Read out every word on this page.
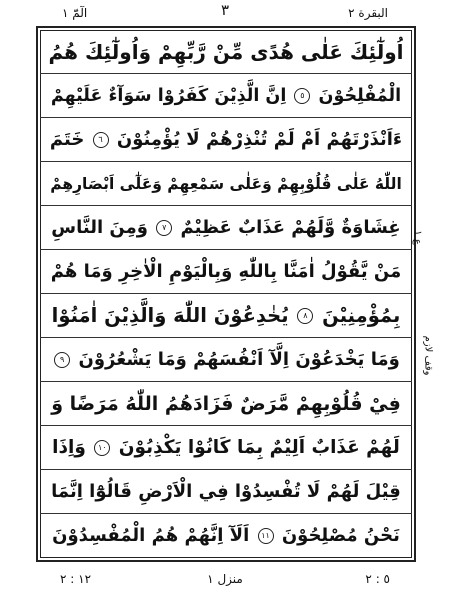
الٓمّٓ ١	٣	البقرة ٢
اُولٰٓئِكَ عَلٰى هُدًى مِّنْ رَّبِّهِمْ وَاُولٰٓئِكَ هُمُ
الْمُفْلِحُوْنَ ٥ اِنَّ الَّذِيْنَ كَفَرُوْا سَوَآءٌ عَلَيْهِمْ
ءَاَنْذَرْتَهُمْ اَمْ لَمْ تُنْذِرْهُمْ لَا يُؤْمِنُوْنَ ٦ خَتَمَ
اللّٰهُ عَلٰى قُلُوْبِهِمْ وَعَلٰى سَمْعِهِمْ وَعَلٰٓى اَبْصَارِهِمْ
غِشَاوَةٌ وَّلَهُمْ عَذَابٌ عَظِيْمٌ ٧ وَمِنَ النَّاسِ
مَنْ يَّقُوْلُ اٰمَنَّا بِاللّٰهِ وَبِالْيَوْمِ الْاٰخِرِ وَمَا هُمْ
بِمُؤْمِنِيْنَ ٨ يُخٰدِعُوْنَ اللّٰهَ وَالَّذِيْنَ اٰمَنُوْا
وَمَا يَخْدَعُوْنَ اِلَّآ اَنْفُسَهُمْ وَمَا يَشْعُرُوْنَ ٩
فِيْ قُلُوْبِهِمْ مَّرَضٌ فَزَادَهُمُ اللّٰهُ مَرَضًا وَ
لَهُمْ عَذَابٌ اَلِيْمٌ بِمَا كَانُوْا يَكْذِبُوْنَ ١٠ وَاِذَا
قِيْلَ لَهُمْ لَا تُفْسِدُوْا فِي الْاَرْضِ قَالُوْٓا اِنَّمَا
نَحْنُ مُصْلِحُوْنَ ١١ اَلَآ اِنَّهُمْ هُمُ الْمُفْسِدُوْنَ
ع ١
وقف لازم
١٢ : ٢	منزل ١	٥ : ٢
